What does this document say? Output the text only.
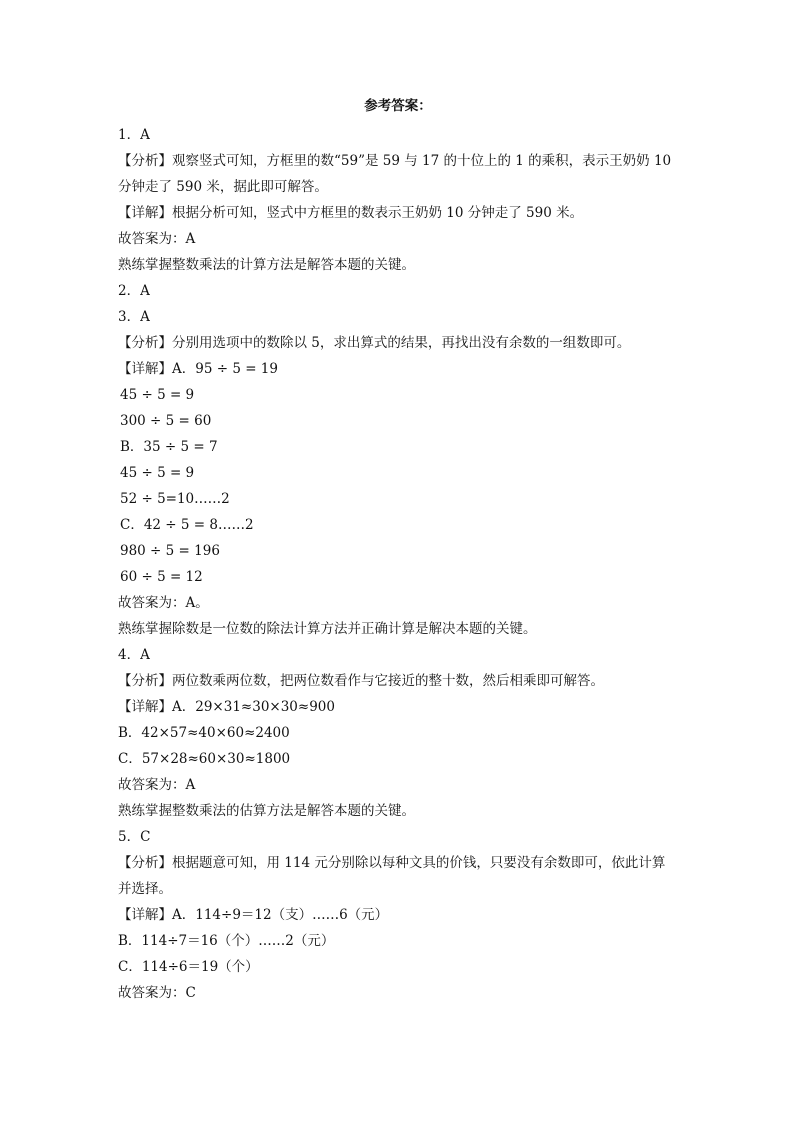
参考答案：
1．A
【分析】观察竖式可知，方框里的数“59”是 59 与 17 的十位上的 1 的乘积，表示王奶奶 10 分钟走了 590 米，据此即可解答。
【详解】根据分析可知，竖式中方框里的数表示王奶奶 10 分钟走了 590 米。
故答案为：A
熟练掌握整数乘法的计算方法是解答本题的关键。
2．A
3．A
【分析】分别用选项中的数除以 5，求出算式的结果，再找出没有余数的一组数即可。
【详解】A．95 ÷ 5 = 19
45 ÷ 5 = 9
300 ÷ 5 = 60
B．35 ÷ 5 = 7
45 ÷ 5 = 9
52 ÷ 5=10……2
C．42 ÷ 5 = 8……2
980 ÷ 5 = 196
60 ÷ 5 = 12
故答案为：A。
熟练掌握除数是一位数的除法计算方法并正确计算是解决本题的关键。
4．A
【分析】两位数乘两位数，把两位数看作与它接近的整十数，然后相乘即可解答。
【详解】A．29×31≈30×30≈900
B．42×57≈40×60≈2400
C．57×28≈60×30≈1800
故答案为：A
熟练掌握整数乘法的估算方法是解答本题的关键。
5．C
【分析】根据题意可知，用 114 元分别除以每种文具的价钱，只要没有余数即可，依此计算并选择。
【详解】A．114÷9＝12（支）……6（元）
B．114÷7＝16（个）……2（元）
C．114÷6＝19（个）
故答案为：C
